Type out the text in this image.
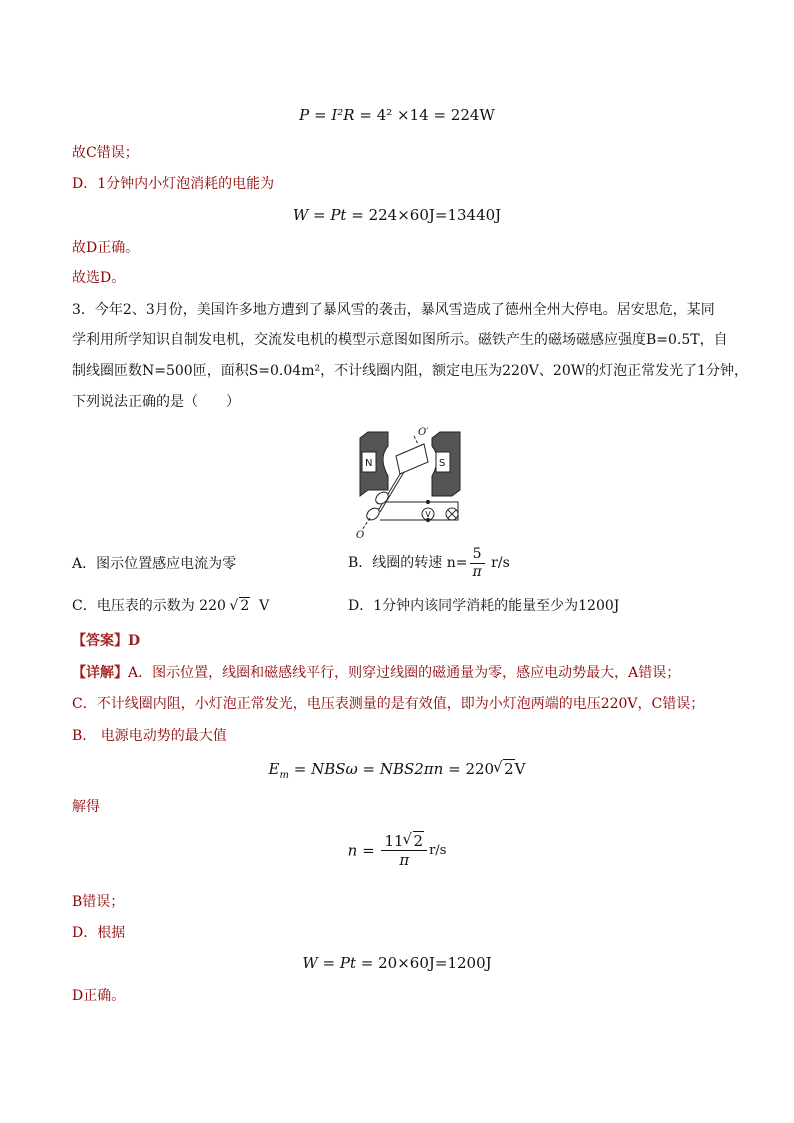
P = I²R = 4² ×14 = 224W
故C错误；
D．1分钟内小灯泡消耗的电能为
W = Pt = 224×60J=13440J
故D正确。
故选D。
3．今年2、3月份，美国许多地方遭到了暴风雪的袭击，暴风雪造成了德州全州大停电。居安思危，某同
学利用所学知识自制发电机，交流发电机的模型示意图如图所示。磁铁产生的磁场磁感应强度B=0.5T，自
制线圈匝数N=500匝，面积S=0.04m²，不计线圈内阻，额定电压为220V、20W的灯泡正常发光了1分钟，
下列说法正确的是（　　）
N	S
V
O′
O
A．图示位置感应电流为零	B．线圈的转速 $n= \frac{5}{\pi} r/s$
C．电压表的示数为 220 √ 2 V	D．1分钟内该同学消耗的能量至少为1200J
【答案】D
【详解】A．图示位置，线圈和磁感线平行，则穿过线圈的磁通量为零，感应电动势最大，A错误；
C．不计线圈内阻，小灯泡正常发光，电压表测量的是有效值，即为小灯泡两端的电压220V，C错误；
B． 电源电动势的最大值
$E_m = NBS\omega = NBS2\pi n = 220√$ 2V
解得
$n = \frac{11√ 2}{\pi} r/s$
B错误；
D．根据
W = Pt = 20×60J=1200J
D正确。
